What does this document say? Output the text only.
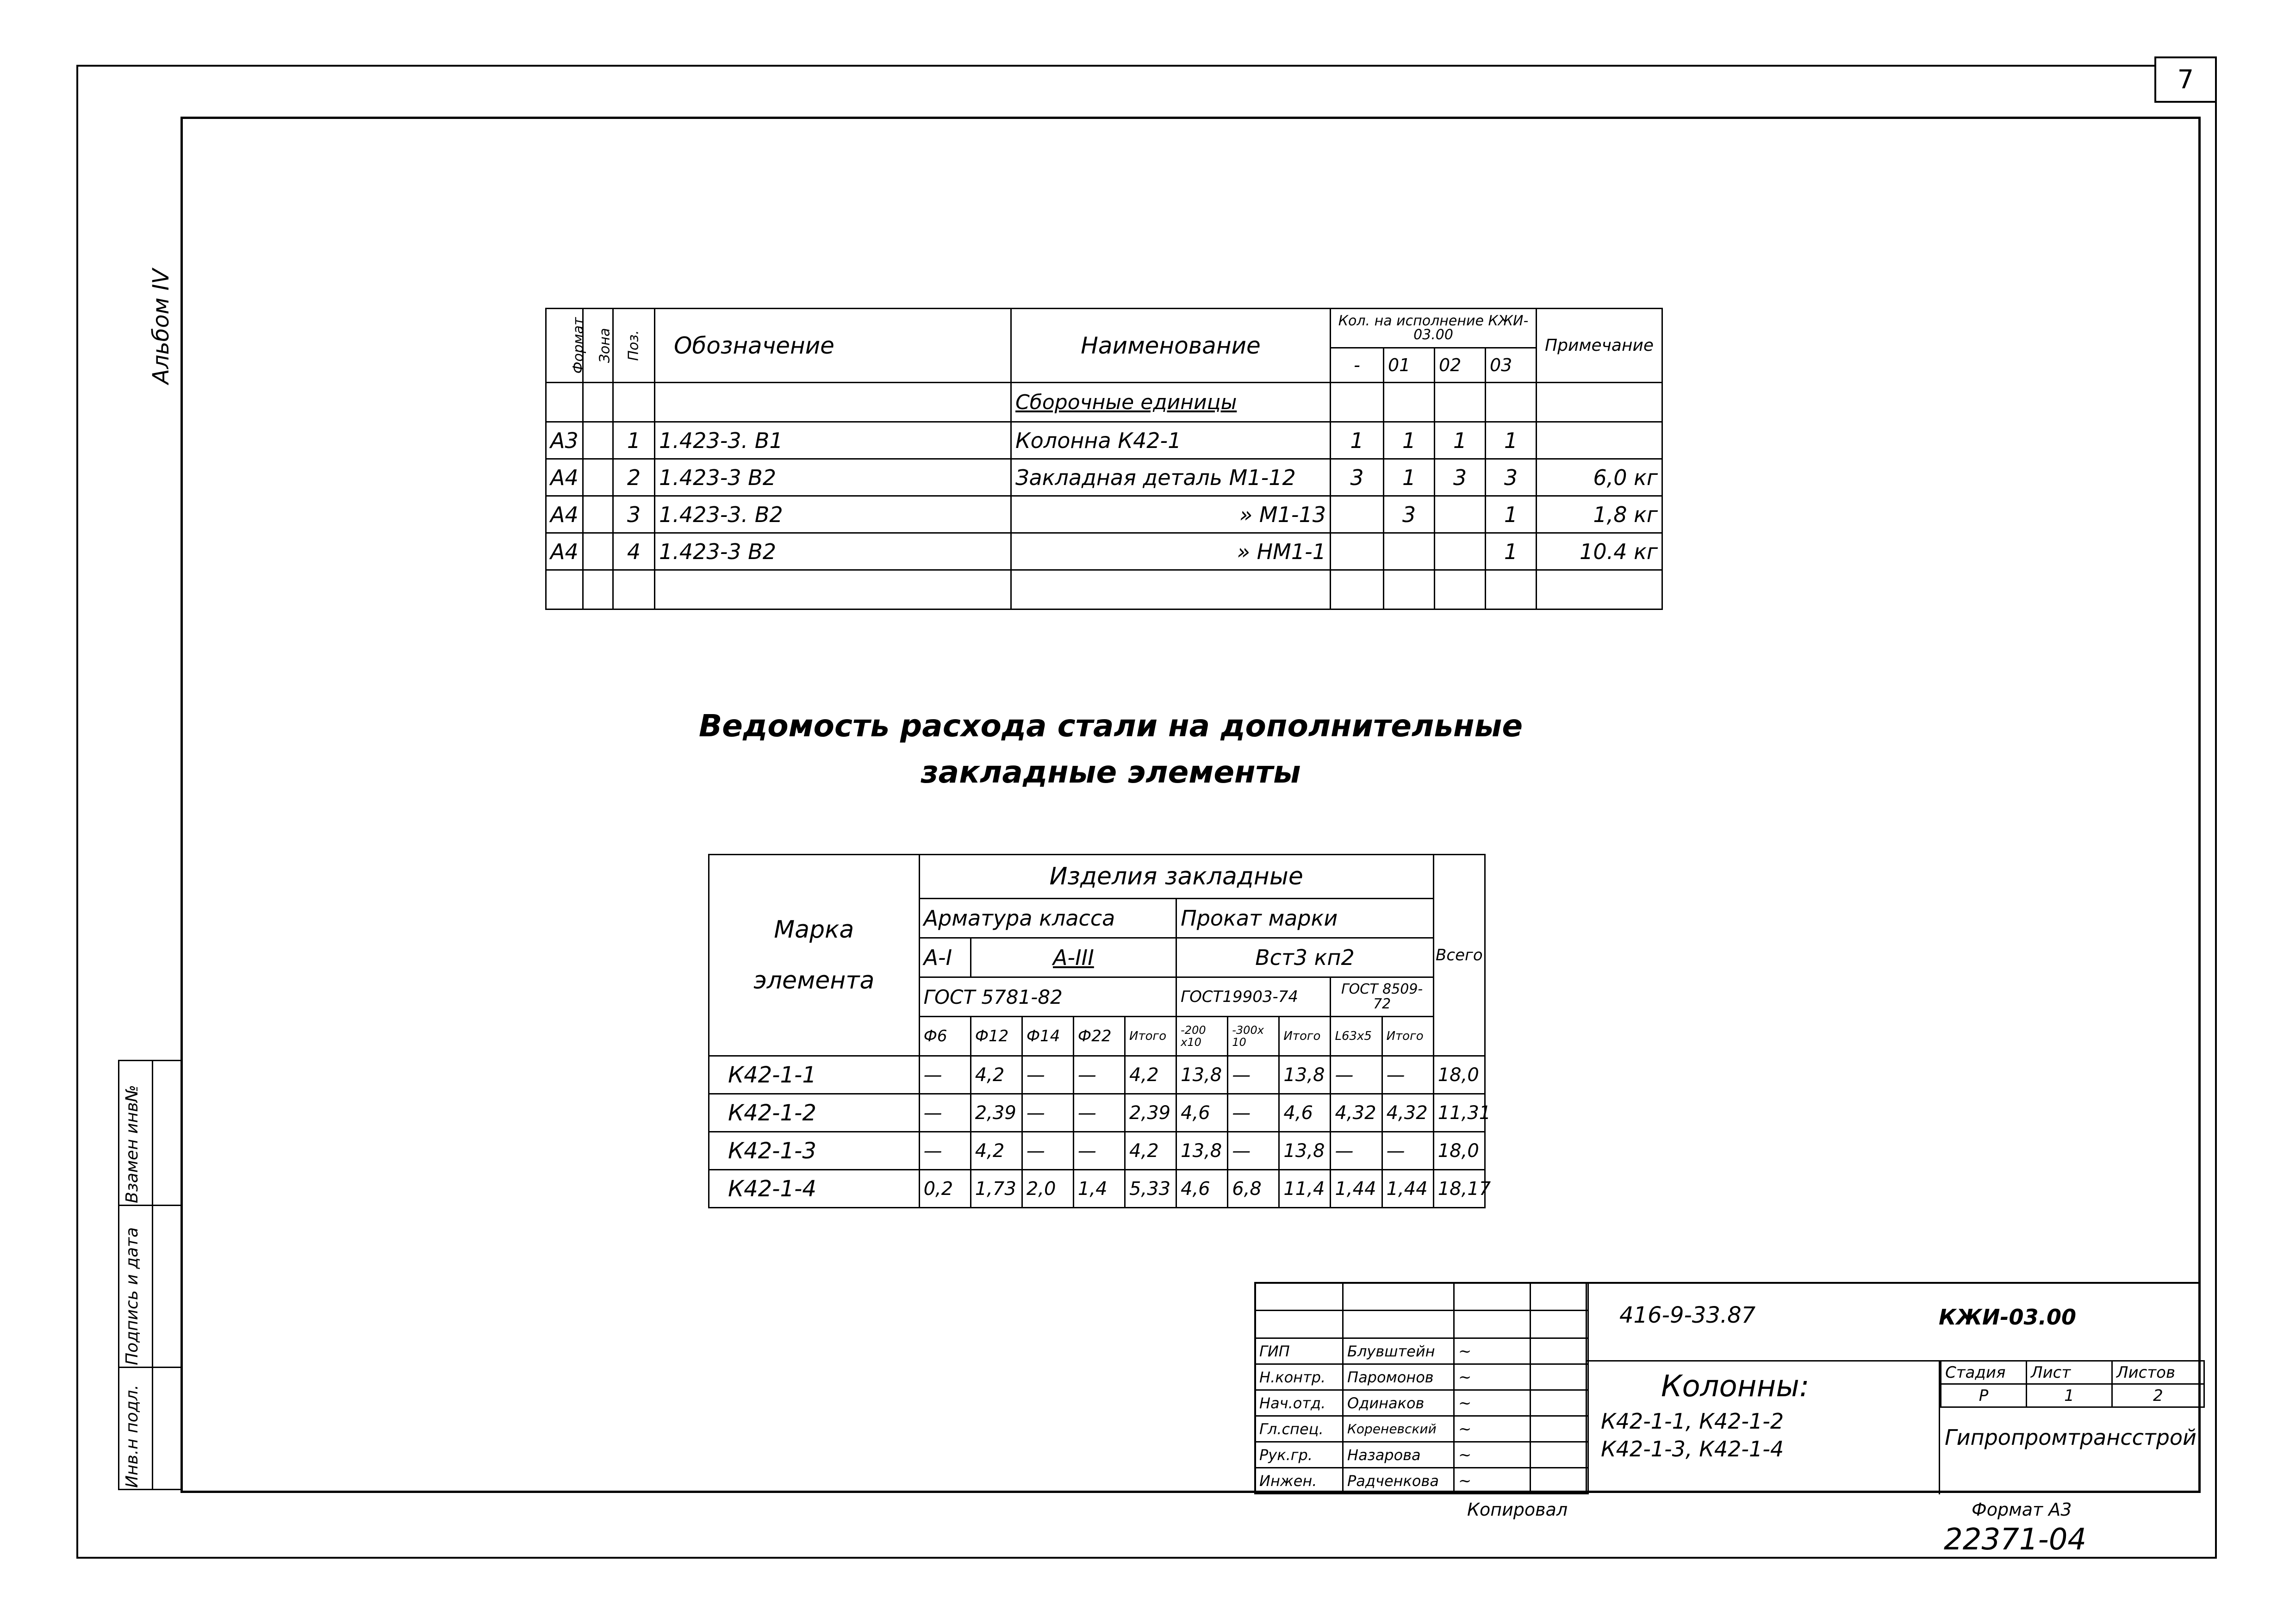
7
Альбом IV
Взамен инв№
Подпись и дата
Инв.н подл.
Формат	Зона	Поз.	Обозначение	Наименование	Кол. на исполнение КЖИ- 03.00				Примечание
					-	01	02	03	
				Сборочные единицы					
А3		1	1.423-3. В1	Колонна К42-1	1	1	1	1	
А4		2	1.423-3 В2	Закладная деталь М1-12	3	1	3	3	6,0 кг
А4		3	1.423-3. В2	» М1-13		3		1	1,8 кг
А4		4	1.423-3 В2	» НМ1-1				1	10.4 кг

Ведомость расхода стали на дополнительные
закладные элементы
Марка элемента	Изделия закладные										Всего
	Арматура класса					Прокат марки					
	А-I	А-III				Вст3 кп2					
	ГОСТ 5781-82					ГОСТ19903-74			ГОСТ 8509-72		
	Ф6	Ф12	Ф14	Ф22	Итого	-200 х10	-300х 10	Итого	L63х5	Итого	
К42-1-1	—	4,2	—	—	4,2	13,8	—	13,8	—	—	18,0
К42-1-2	—	2,39	—	—	2,39	4,6	—	4,6	4,32	4,32	11,31
К42-1-3	—	4,2	—	—	4,2	13,8	—	13,8	—	—	18,0
К42-1-4	0,2	1,73	2,0	1,4	5,33	4,6	6,8	11,4	1,44	1,44	18,17

ГИП	Блувштейн	~	
Н.контр.	Паромонов	~	
Нач.отд.	Одинаков	~	
Гл.спец.	Кореневский	~	
Рук.гр.	Назарова	~	
Инжен.	Радченкова	~	
416-9-33.87	КЖИ-03.00
Колонны:
К42-1-1, К42-1-2
К42-1-3, К42-1-4
Стадия	Лист	Листов
Р	1	2
Гипропромтрансстрой
Копировал	Формат А3
22371-04
